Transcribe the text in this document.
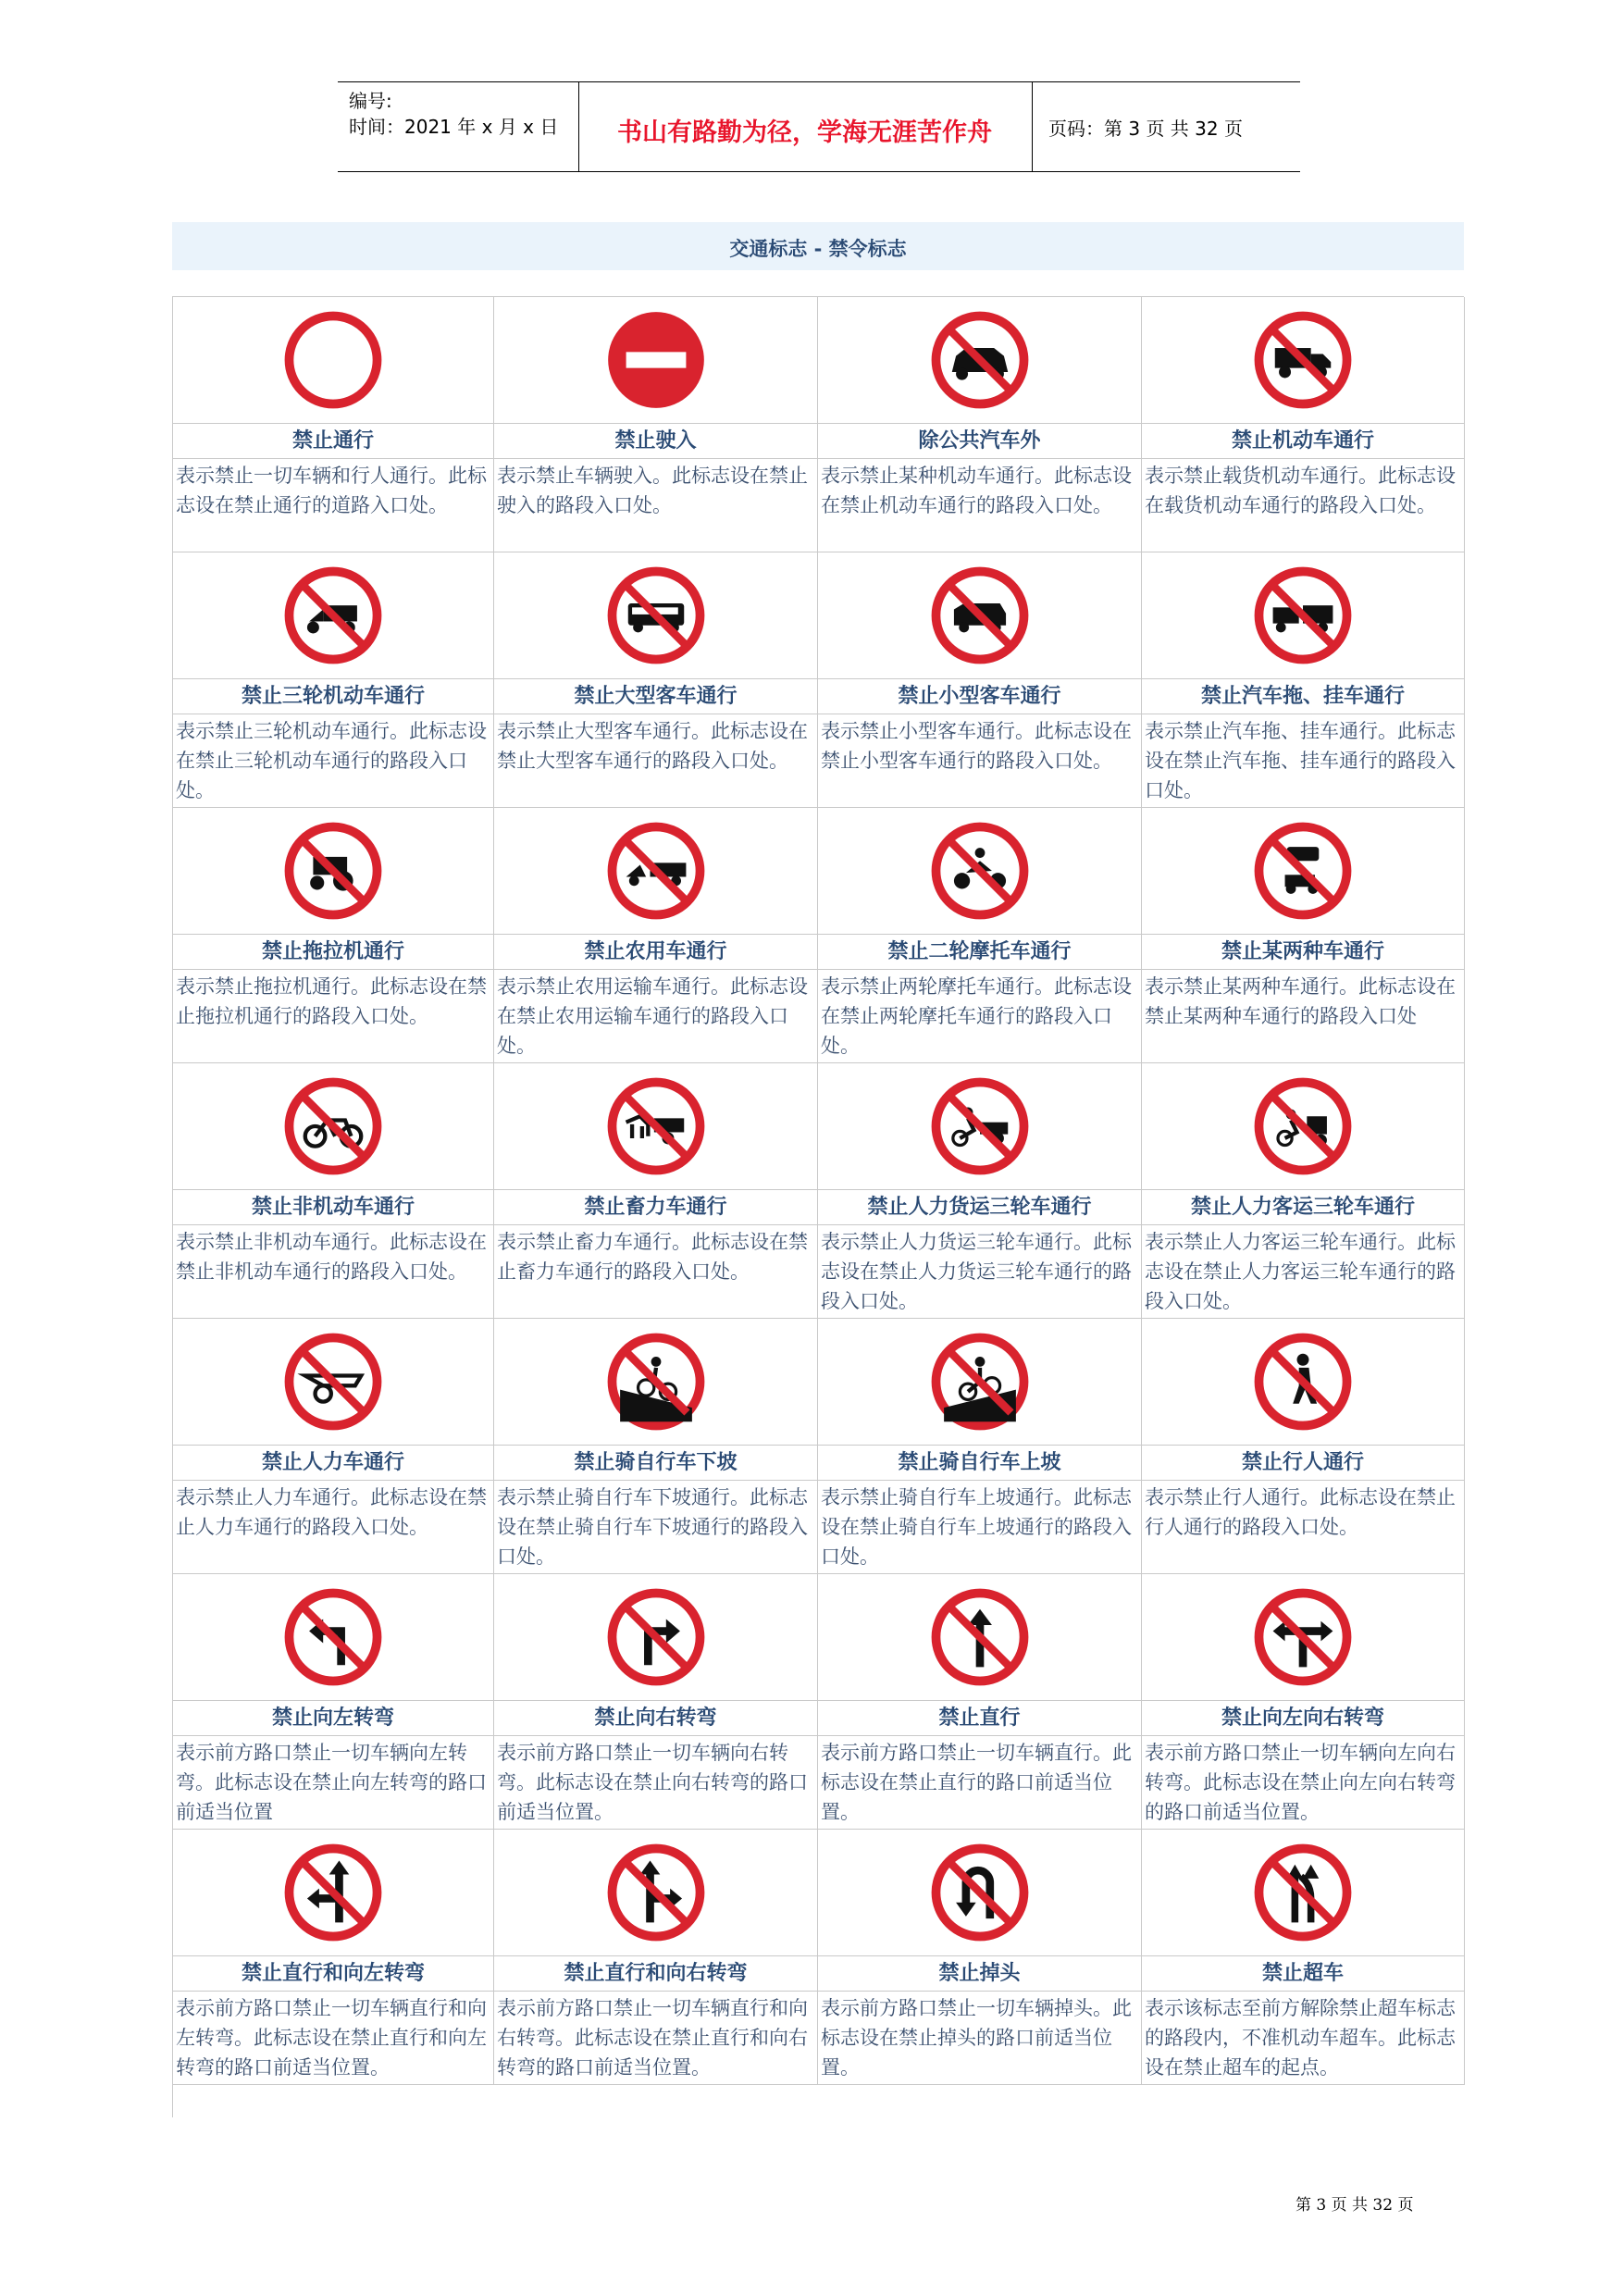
编号:
时间：2021 年 x 月 x 日	书山有路勤为径，学海无涯苦作舟	页码：第 3 页 共 32 页
交通标志 - 禁令标志
禁止通行	禁止驶入	除公共汽车外	禁止机动车通行
表示禁止一切车辆和行人通行。此标志设在禁止通行的道路入口处。
表示禁止车辆驶入。此标志设在禁止驶入的路段入口处。
表示禁止某种机动车通行。此标志设在禁止机动车通行的路段入口处。
表示禁止载货机动车通行。此标志设在载货机动车通行的路段入口处。
禁止三轮机动车通行	禁止大型客车通行	禁止小型客车通行	禁止汽车拖、挂车通行
表示禁止三轮机动车通行。此标志设在禁止三轮机动车通行的路段入口处。
表示禁止大型客车通行。此标志设在禁止大型客车通行的路段入口处。
表示禁止小型客车通行。此标志设在禁止小型客车通行的路段入口处。
表示禁止汽车拖、挂车通行。此标志设在禁止汽车拖、挂车通行的路段入口处。
禁止拖拉机通行	禁止农用车通行	禁止二轮摩托车通行	禁止某两种车通行
表示禁止拖拉机通行。此标志设在禁止拖拉机通行的路段入口处。
表示禁止农用运输车通行。此标志设在禁止农用运输车通行的路段入口处。
表示禁止两轮摩托车通行。此标志设在禁止两轮摩托车通行的路段入口处。
表示禁止某两种车通行。此标志设在禁止某两种车通行的路段入口处
禁止非机动车通行	禁止畜力车通行	禁止人力货运三轮车通行	禁止人力客运三轮车通行
表示禁止非机动车通行。此标志设在禁止非机动车通行的路段入口处。
表示禁止畜力车通行。此标志设在禁止畜力车通行的路段入口处。
表示禁止人力货运三轮车通行。此标志设在禁止人力货运三轮车通行的路段入口处。
表示禁止人力客运三轮车通行。此标志设在禁止人力客运三轮车通行的路段入口处。
禁止人力车通行	禁止骑自行车下坡	禁止骑自行车上坡	禁止行人通行
表示禁止人力车通行。此标志设在禁止人力车通行的路段入口处。
表示禁止骑自行车下坡通行。此标志设在禁止骑自行车下坡通行的路段入口处。
表示禁止骑自行车上坡通行。此标志设在禁止骑自行车上坡通行的路段入口处。
表示禁止行人通行。此标志设在禁止行人通行的路段入口处。
禁止向左转弯	禁止向右转弯	禁止直行	禁止向左向右转弯
表示前方路口禁止一切车辆向左转弯。此标志设在禁止向左转弯的路口前适当位置
表示前方路口禁止一切车辆向右转弯。此标志设在禁止向右转弯的路口前适当位置。
表示前方路口禁止一切车辆直行。此标志设在禁止直行的路口前适当位置。
表示前方路口禁止一切车辆向左向右转弯。此标志设在禁止向左向右转弯的路口前适当位置。
禁止直行和向左转弯	禁止直行和向右转弯	禁止掉头	禁止超车
表示前方路口禁止一切车辆直行和向左转弯。此标志设在禁止直行和向左转弯的路口前适当位置。
表示前方路口禁止一切车辆直行和向右转弯。此标志设在禁止直行和向右转弯的路口前适当位置。
表示前方路口禁止一切车辆掉头。此标志设在禁止掉头的路口前适当位置。
表示该标志至前方解除禁止超车标志的路段内，不准机动车超车。此标志设在禁止超车的起点。
第 3 页 共 32 页
